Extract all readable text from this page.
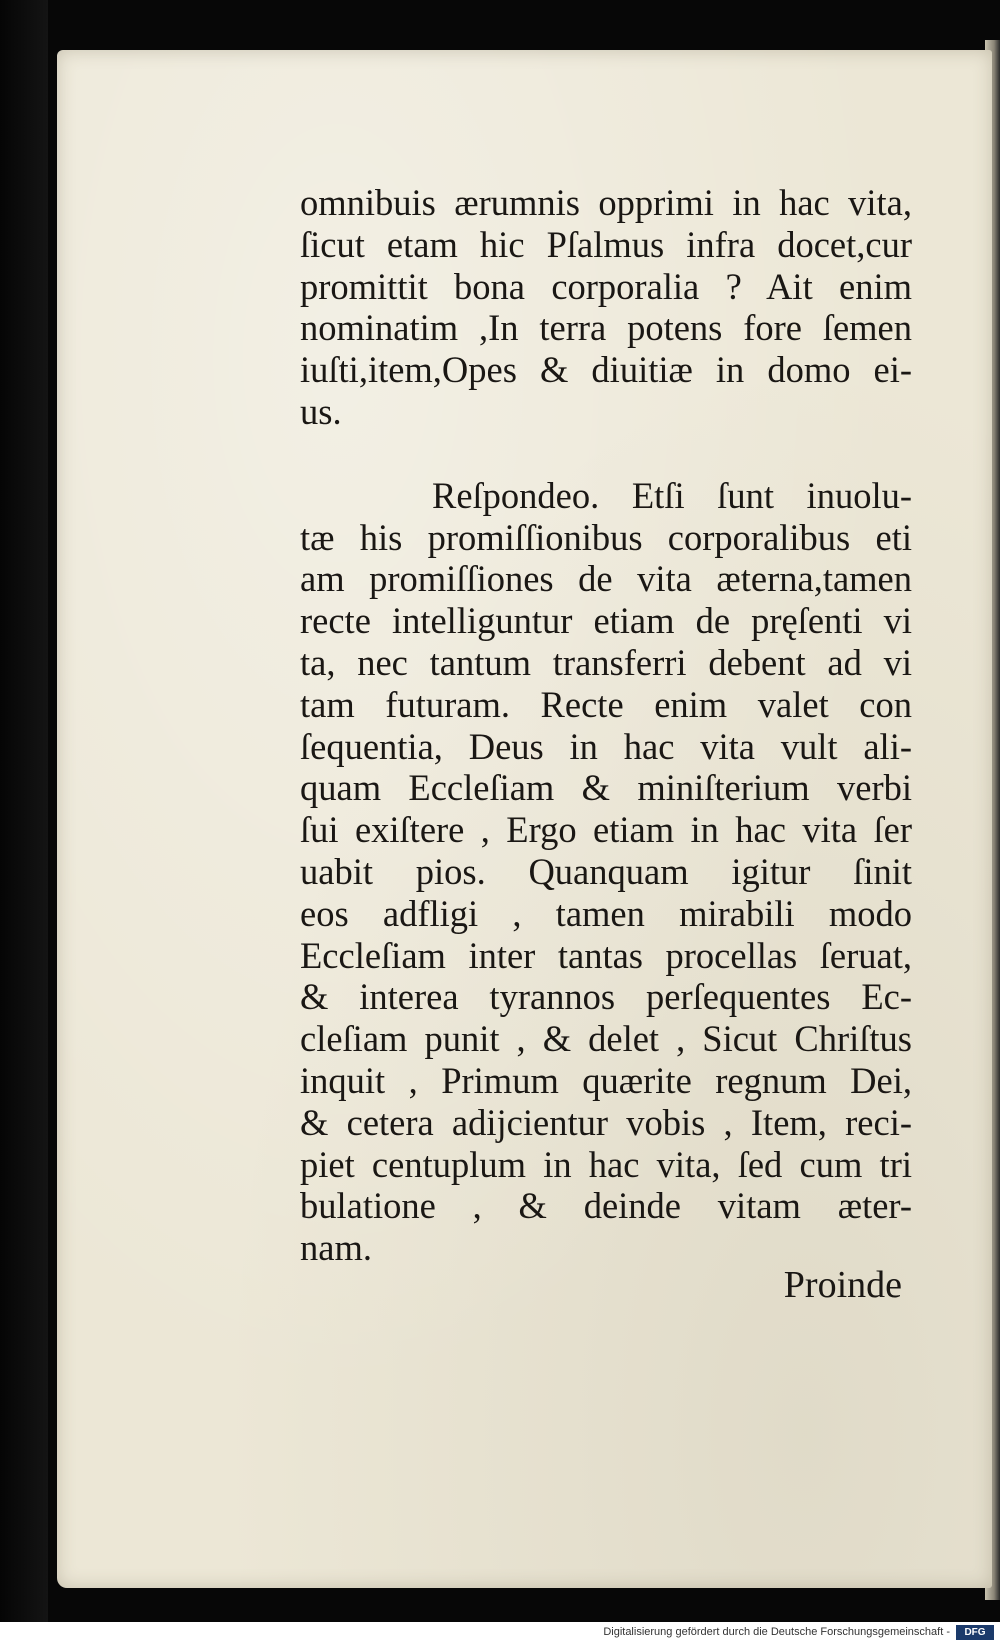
omnibuis ærumnis opprimi in hac vita,
ſicut etam hic Pſalmus infra docet,cur
promittit bona corporalia ? Ait enim
nominatim ,In terra potens fore ſemen
iuſti,item,Opes & diuitiæ in domo ei-
us.
Reſpondeo. Etſi ſunt inuolu-
tæ his promiſſionibus corporalibus eti
am promiſſiones de vita æterna,tamen
recte intelliguntur etiam de pręſenti vi
ta, nec tantum transferri debent ad vi
tam futuram. Recte enim valet con
ſequentia, Deus in hac vita vult ali-
quam Eccleſiam & miniſterium verbi
ſui exiſtere , Ergo etiam in hac vita ſer
uabit pios. Quanquam igitur ſinit
eos adfligi , tamen mirabili modo
Eccleſiam inter tantas procellas ſeruat,
& interea tyrannos perſequentes Ec-
cleſiam punit , & delet , Sicut Chriſtus
inquit , Primum quærite regnum Dei,
& cetera adijcientur vobis , Item, reci-
piet centuplum in hac vita, ſed cum tri
bulatione , & deinde vitam æter-
nam.
Proinde
Digitalisierung gefördert durch die Deutsche Forschungsgemeinschaft -	DFG
